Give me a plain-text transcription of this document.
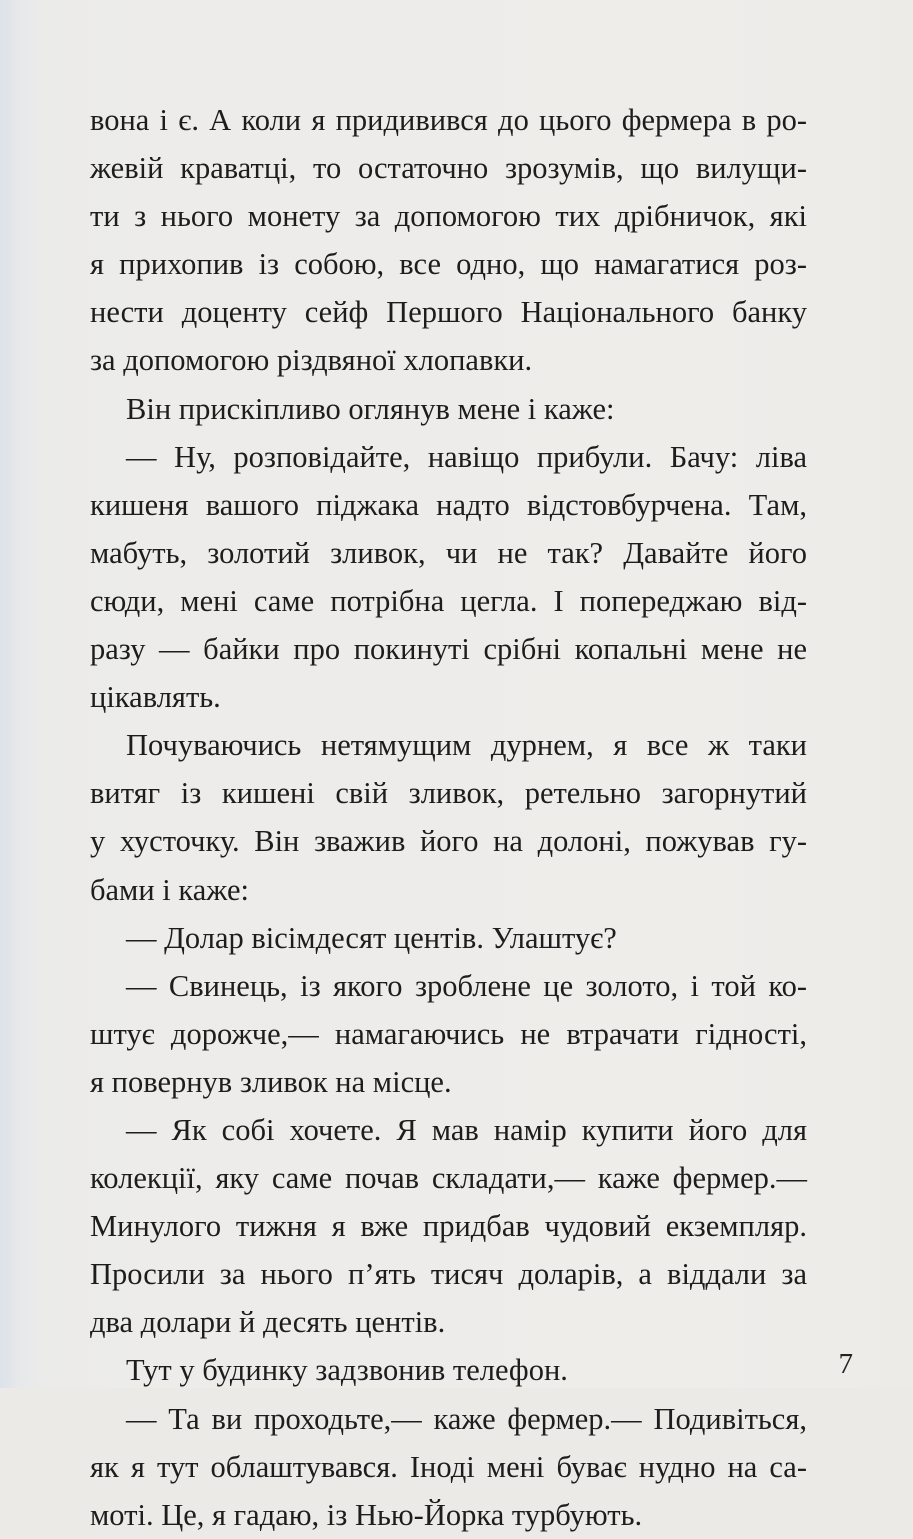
вона і є. А коли я придивився до цього фермера в ро-
жевій краватці, то остаточно зрозумів, що вилущи-
ти з нього монету за допомогою тих дрібничок, які
я прихопив із собою, все одно, що намагатися роз-
нести доценту сейф Першого Національного банку
за допомогою різдвяної хлопавки.
Він прискіпливо оглянув мене і каже:
— Ну, розповідайте, навіщо прибули. Бачу: ліва
кишеня вашого піджака надто відстовбурчена. Там,
мабуть, золотий зливок, чи не так? Давайте його
сюди, мені саме потрібна цегла. І попереджаю від-
разу — байки про покинуті срібні копальні мене не
цікавлять.
Почуваючись нетямущим дурнем, я все ж таки
витяг із кишені свій зливок, ретельно загорнутий
у хусточку. Він зважив його на долоні, пожував гу-
бами і каже:
— Долар вісімдесят центів. Улаштує?
— Свинець, із якого зроблене це золото, і той ко-
штує дорожче,— намагаючись не втрачати гідності,
я повернув зливок на місце.
— Як собі хочете. Я мав намір купити його для
колекції, яку саме почав складати,— каже фермер.—
Минулого тижня я вже придбав чудовий екземпляр.
Просили за нього п’ять тисяч доларів, а віддали за
два долари й десять центів.
Тут у будинку задзвонив телефон.
— Та ви проходьте,— каже фермер.— Подивіться,
як я тут облаштувався. Іноді мені буває нудно на са-
моті. Це, я гадаю, із Нью-Йорка турбують.
7
